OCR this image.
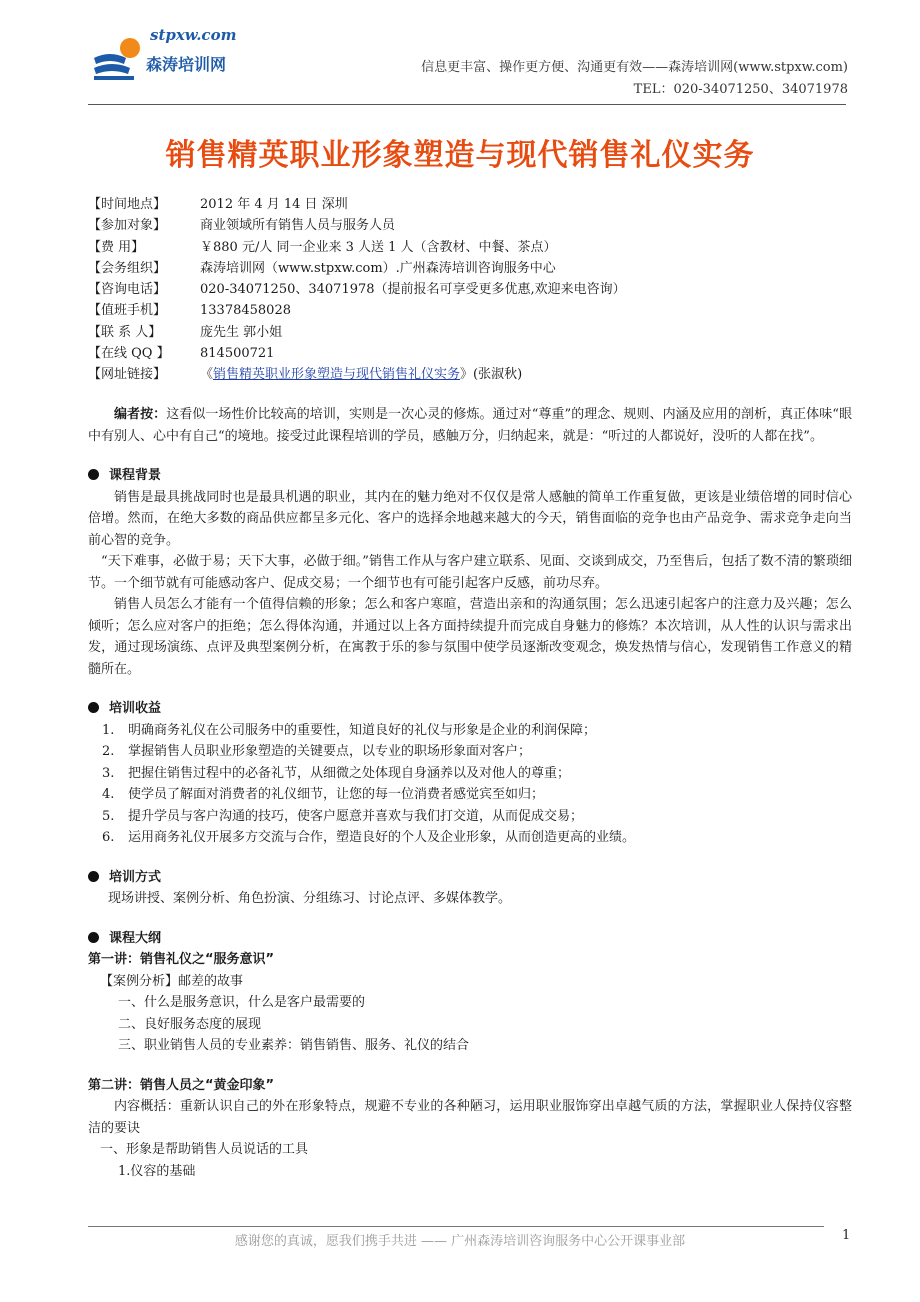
stpxw.com
森涛培训网	信息更丰富、操作更方便、沟通更有效——森涛培训网(www.stpxw.com)
TEL：020-34071250、34071978
销售精英职业形象塑造与现代销售礼仪实务
【时间地点】	2012 年 4 月 14 日 深圳
【参加对象】	商业领域所有销售人员与服务人员
【费 用】	￥880 元/人 同一企业来 3 人送 1 人（含教材、中餐、茶点）
【会务组织】	森涛培训网（www.stpxw.com）.广州森涛培训咨询服务中心
【咨询电话】	020-34071250、34071978（提前报名可享受更多优惠,欢迎来电咨询）
【值班手机】	13378458028
【联 系 人】	庞先生 郭小姐
【在线 QQ 】	814500721
【网址链接】	《销售精英职业形象塑造与现代销售礼仪实务》(张淑秋)

编者按：这看似一场性价比较高的培训，实则是一次心灵的修炼。通过对“尊重”的理念、规则、内涵及应用的剖析，真正体味“眼中有别人、心中有自己“的境地。接受过此课程培训的学员，感触万分，归纳起来，就是：“听过的人都说好，没听的人都在找”。

课程背景

销售是最具挑战同时也是最具机遇的职业，其内在的魅力绝对不仅仅是常人感触的简单工作重复做，更该是业绩倍增的同时信心倍增。然而，在绝大多数的商品供应都呈多元化、客户的选择余地越来越大的今天，销售面临的竞争也由产品竞争、需求竞争走向当前心智的竞争。

“天下难事，必做于易；天下大事，必做于细。”销售工作从与客户建立联系、见面、交谈到成交，乃至售后，包括了数不清的繁琐细节。一个细节就有可能感动客户、促成交易；一个细节也有可能引起客户反感，前功尽弃。

销售人员怎么才能有一个值得信赖的形象；怎么和客户寒暄，营造出亲和的沟通氛围；怎么迅速引起客户的注意力及兴趣；怎么倾听；怎么应对客户的拒绝；怎么得体沟通，并通过以上各方面持续提升而完成自身魅力的修炼？本次培训，从人性的认识与需求出发，通过现场演练、点评及典型案例分析，在寓教于乐的参与氛围中使学员逐渐改变观念，焕发热情与信心，发现销售工作意义的精髓所在。

培训收益
1.	明确商务礼仪在公司服务中的重要性，知道良好的礼仪与形象是企业的利润保障；
2.	掌握销售人员职业形象塑造的关键要点，以专业的职场形象面对客户；
3.	把握住销售过程中的必备礼节，从细微之处体现自身涵养以及对他人的尊重；
4.	使学员了解面对消费者的礼仪细节，让您的每一位消费者感觉宾至如归；
5.	提升学员与客户沟通的技巧，使客户愿意并喜欢与我们打交道，从而促成交易；
6.	运用商务礼仪开展多方交流与合作，塑造良好的个人及企业形象，从而创造更高的业绩。
培训方式
现场讲授、案例分析、角色扮演、分组练习、讨论点评、多媒体教学。
课程大纲
第一讲：销售礼仪之“服务意识”
【案例分析】邮差的故事
一、什么是服务意识，什么是客户最需要的
二、良好服务态度的展现
三、职业销售人员的专业素养：销售销售、服务、礼仪的结合
第二讲：销售人员之“黄金印象”

内容概括：重新认识自己的外在形象特点，规避不专业的各种陋习，运用职业服饰穿出卓越气质的方法，掌握职业人保持仪容整洁的要诀

一、形象是帮助销售人员说话的工具
1.仪容的基础
感谢您的真诚，愿我们携手共进 —— 广州森涛培训咨询服务中心公开课事业部	1
